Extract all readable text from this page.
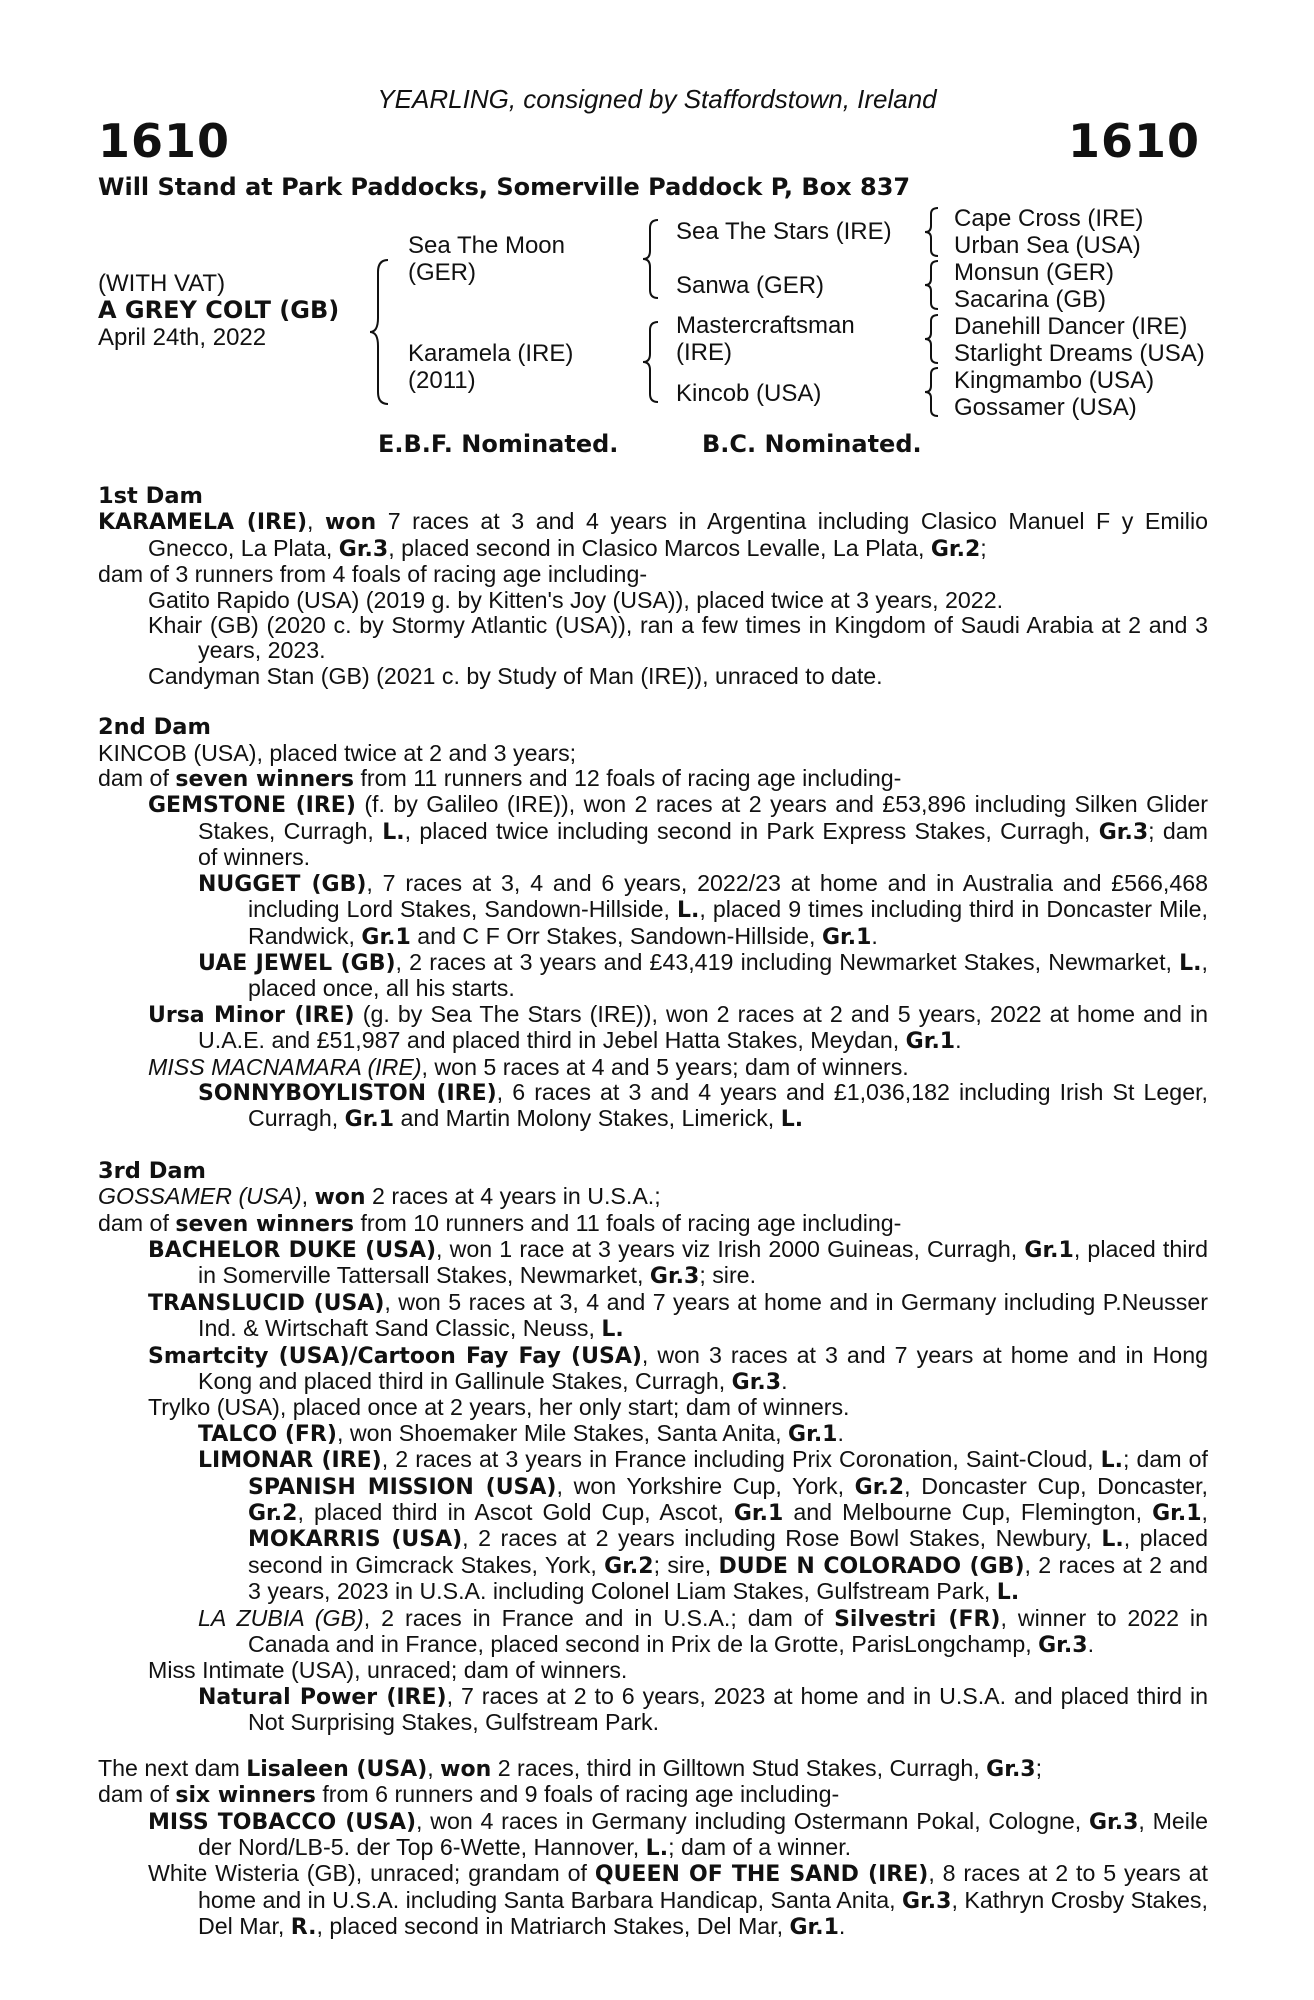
YEARLING, consigned by Staffordstown, Ireland
1610	1610
Will Stand at Park Paddocks, Somerville Paddock P, Box 837
(WITH VAT)
A GREY COLT (GB)
April 24th, 2022
Sea The Moon
(GER)
Karamela (IRE)
(2011)
Sea The Stars (IRE)
Sanwa (GER)
Mastercraftsman
(IRE)
Kincob (USA)
Cape Cross (IRE)
Urban Sea (USA)
Monsun (GER)
Sacarina (GB)
Danehill Dancer (IRE)
Starlight Dreams (USA)
Kingmambo (USA)
Gossamer (USA)
E.B.F. Nominated.	B.C. Nominated.
1st Dam
KARAMELA (IRE), won 7 races at 3 and 4 years in Argentina including Clasico Manuel F y Emilio Gnecco, La Plata, Gr.3, placed second in Clasico Marcos Levalle, La Plata, Gr.2;
dam of 3 runners from 4 foals of racing age including-
Gatito Rapido (USA) (2019 g. by Kitten's Joy (USA)), placed twice at 3 years, 2022.
Khair (GB) (2020 c. by Stormy Atlantic (USA)), ran a few times in Kingdom of Saudi Arabia at 2 and 3 years, 2023.
Candyman Stan (GB) (2021 c. by Study of Man (IRE)), unraced to date.
2nd Dam
KINCOB (USA), placed twice at 2 and 3 years;
dam of seven winners from 11 runners and 12 foals of racing age including-
GEMSTONE (IRE) (f. by Galileo (IRE)), won 2 races at 2 years and £53,896 including Silken Glider Stakes, Curragh, L., placed twice including second in Park Express Stakes, Curragh, Gr.3; dam of winners.
NUGGET (GB), 7 races at 3, 4 and 6 years, 2022/23 at home and in Australia and £566,468 including Lord Stakes, Sandown-Hillside, L., placed 9 times including third in Doncaster Mile, Randwick, Gr.1 and C F Orr Stakes, Sandown-Hillside, Gr.1.
UAE JEWEL (GB), 2 races at 3 years and £43,419 including Newmarket Stakes, Newmarket, L., placed once, all his starts.
Ursa Minor (IRE) (g. by Sea The Stars (IRE)), won 2 races at 2 and 5 years, 2022 at home and in U.A.E. and £51,987 and placed third in Jebel Hatta Stakes, Meydan, Gr.1.
MISS MACNAMARA (IRE), won 5 races at 4 and 5 years; dam of winners.
SONNYBOYLISTON (IRE), 6 races at 3 and 4 years and £1,036,182 including Irish St Leger, Curragh, Gr.1 and Martin Molony Stakes, Limerick, L.
3rd Dam
GOSSAMER (USA), won 2 races at 4 years in U.S.A.;
dam of seven winners from 10 runners and 11 foals of racing age including-
BACHELOR DUKE (USA), won 1 race at 3 years viz Irish 2000 Guineas, Curragh, Gr.1, placed third in Somerville Tattersall Stakes, Newmarket, Gr.3; sire.
TRANSLUCID (USA), won 5 races at 3, 4 and 7 years at home and in Germany including P.Neusser Ind. & Wirtschaft Sand Classic, Neuss, L.
Smartcity (USA)/Cartoon Fay Fay (USA), won 3 races at 3 and 7 years at home and in Hong Kong and placed third in Gallinule Stakes, Curragh, Gr.3.
Trylko (USA), placed once at 2 years, her only start; dam of winners.
TALCO (FR), won Shoemaker Mile Stakes, Santa Anita, Gr.1.
LIMONAR (IRE), 2 races at 3 years in France including Prix Coronation, Saint-Cloud, L.; dam of SPANISH MISSION (USA), won Yorkshire Cup, York, Gr.2, Doncaster Cup, Doncaster, Gr.2, placed third in Ascot Gold Cup, Ascot, Gr.1 and Melbourne Cup, Flemington, Gr.1, MOKARRIS (USA), 2 races at 2 years including Rose Bowl Stakes, Newbury, L., placed second in Gimcrack Stakes, York, Gr.2; sire, DUDE N COLORADO (GB), 2 races at 2 and 3 years, 2023 in U.S.A. including Colonel Liam Stakes, Gulfstream Park, L.
LA ZUBIA (GB), 2 races in France and in U.S.A.; dam of Silvestri (FR), winner to 2022 in Canada and in France, placed second in Prix de la Grotte, ParisLongchamp, Gr.3.
Miss Intimate (USA), unraced; dam of winners.
Natural Power (IRE), 7 races at 2 to 6 years, 2023 at home and in U.S.A. and placed third in Not Surprising Stakes, Gulfstream Park.
The next dam Lisaleen (USA), won 2 races, third in Gilltown Stud Stakes, Curragh, Gr.3;
dam of six winners from 6 runners and 9 foals of racing age including-
MISS TOBACCO (USA), won 4 races in Germany including Ostermann Pokal, Cologne, Gr.3, Meile der Nord/LB-5. der Top 6-Wette, Hannover, L.; dam of a winner.
White Wisteria (GB), unraced; grandam of QUEEN OF THE SAND (IRE), 8 races at 2 to 5 years at home and in U.S.A. including Santa Barbara Handicap, Santa Anita, Gr.3, Kathryn Crosby Stakes, Del Mar, R., placed second in Matriarch Stakes, Del Mar, Gr.1.
